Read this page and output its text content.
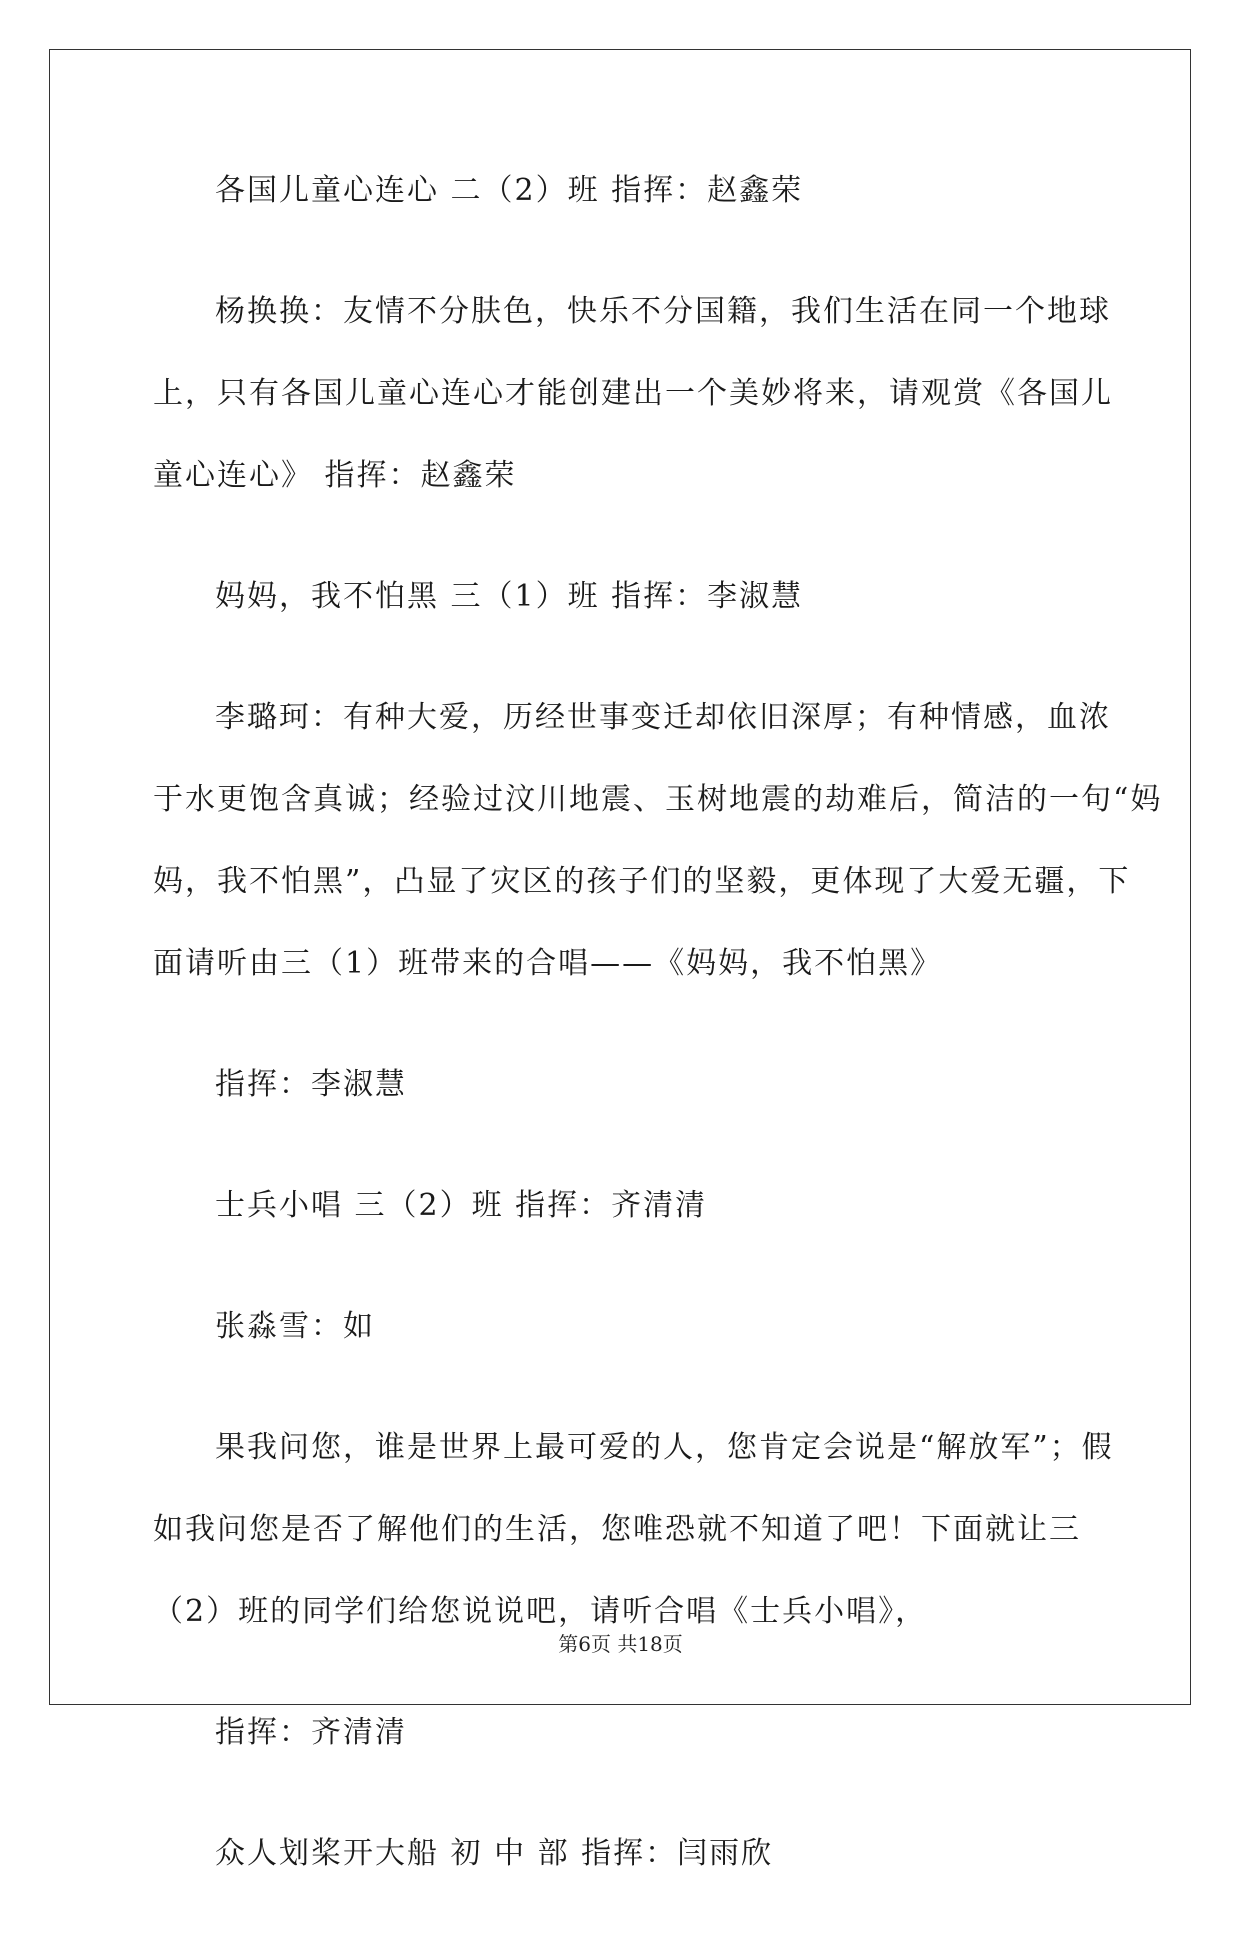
各国儿童心连心 二（2）班 指挥：赵鑫荣

杨换换：友情不分肤色，快乐不分国籍，我们生活在同一个地球
上，只有各国儿童心连心才能创建出一个美妙将来，请观赏《各国儿
童心连心》 指挥：赵鑫荣

妈妈，我不怕黑 三（1）班 指挥：李淑慧

李璐珂：有种大爱，历经世事变迁却依旧深厚；有种情感，血浓
于水更饱含真诚；经验过汶川地震、玉树地震的劫难后，简洁的一句“妈
妈，我不怕黑”，凸显了灾区的孩子们的坚毅，更体现了大爱无疆，下
面请听由三（1）班带来的合唱——《妈妈，我不怕黑》

指挥：李淑慧

士兵小唱 三（2）班 指挥：齐清清

张淼雪：如

果我问您，谁是世界上最可爱的人，您肯定会说是“解放军”；假
如我问您是否了解他们的生活，您唯恐就不知道了吧！下面就让三
（2）班的同学们给您说说吧，请听合唱《士兵小唱》，

指挥：齐清清

众人划桨开大船 初 中 部 指挥：闫雨欣

第6页 共18页
